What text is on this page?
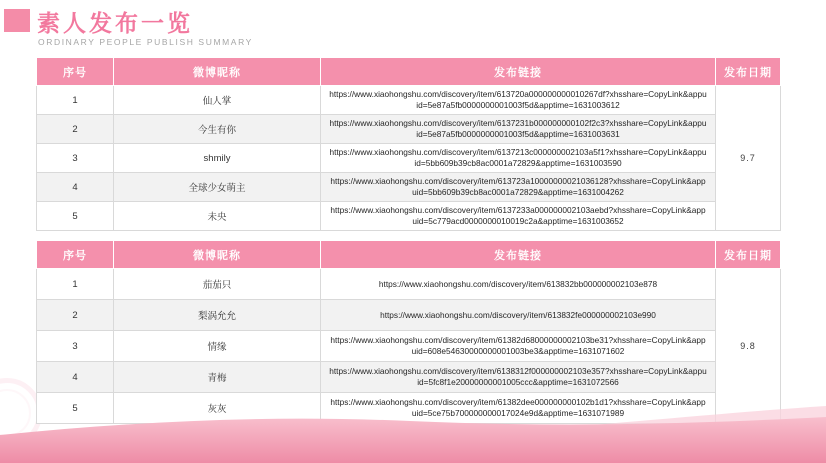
素人发布一览
ORDINARY PEOPLE PUBLISH SUMMARY
序号	微博昵称	发布链接	发布日期
1	仙人掌	https://www.xiaohongshu.com/discovery/item/613720a000000000010267df?xhsshare=CopyLink&appuid=5e87a5fb0000000001003f5d&apptime=1631003612	9.7
2	今生有你	https://www.xiaohongshu.com/discovery/item/6137231b000000000102f2c3?xhsshare=CopyLink&appuid=5e87a5fb0000000001003f5d&apptime=1631003631	
3	shmily	https://www.xiaohongshu.com/discovery/item/6137213c000000002103a5f1?xhsshare=CopyLink&appuid=5bb609b39cb8ac0001a72829&apptime=1631003590	
4	全球少女萌主	https://www.xiaohongshu.com/discovery/item/613723a10000000021036128?xhsshare=CopyLink&appuid=5bb609b39cb8ac0001a72829&apptime=1631004262	
5	未央	https://www.xiaohongshu.com/discovery/item/6137233a000000002103aebd?xhsshare=CopyLink&appuid=5c779acd0000000010019c2a&apptime=1631003652	
序号	微博昵称	发布链接	发布日期
1	茄茄只	https://www.xiaohongshu.com/discovery/item/613832bb000000002103e878	9.8
2	梨涡允允	https://www.xiaohongshu.com/discovery/item/613832fe000000002103e990	
3	情缘	https://www.xiaohongshu.com/discovery/item/61382d68000000002103be31?xhsshare=CopyLink&appuid=608e54630000000001003be3&apptime=1631071602	
4	青梅	https://www.xiaohongshu.com/discovery/item/6138312f000000002103e357?xhsshare=CopyLink&appuid=5fc8f1e20000000001005ccc&apptime=1631072566	
5	灰灰	https://www.xiaohongshu.com/discovery/item/61382dee000000000102b1d1?xhsshare=CopyLink&appuid=5ce75b700000000017024e9d&apptime=1631071989	
